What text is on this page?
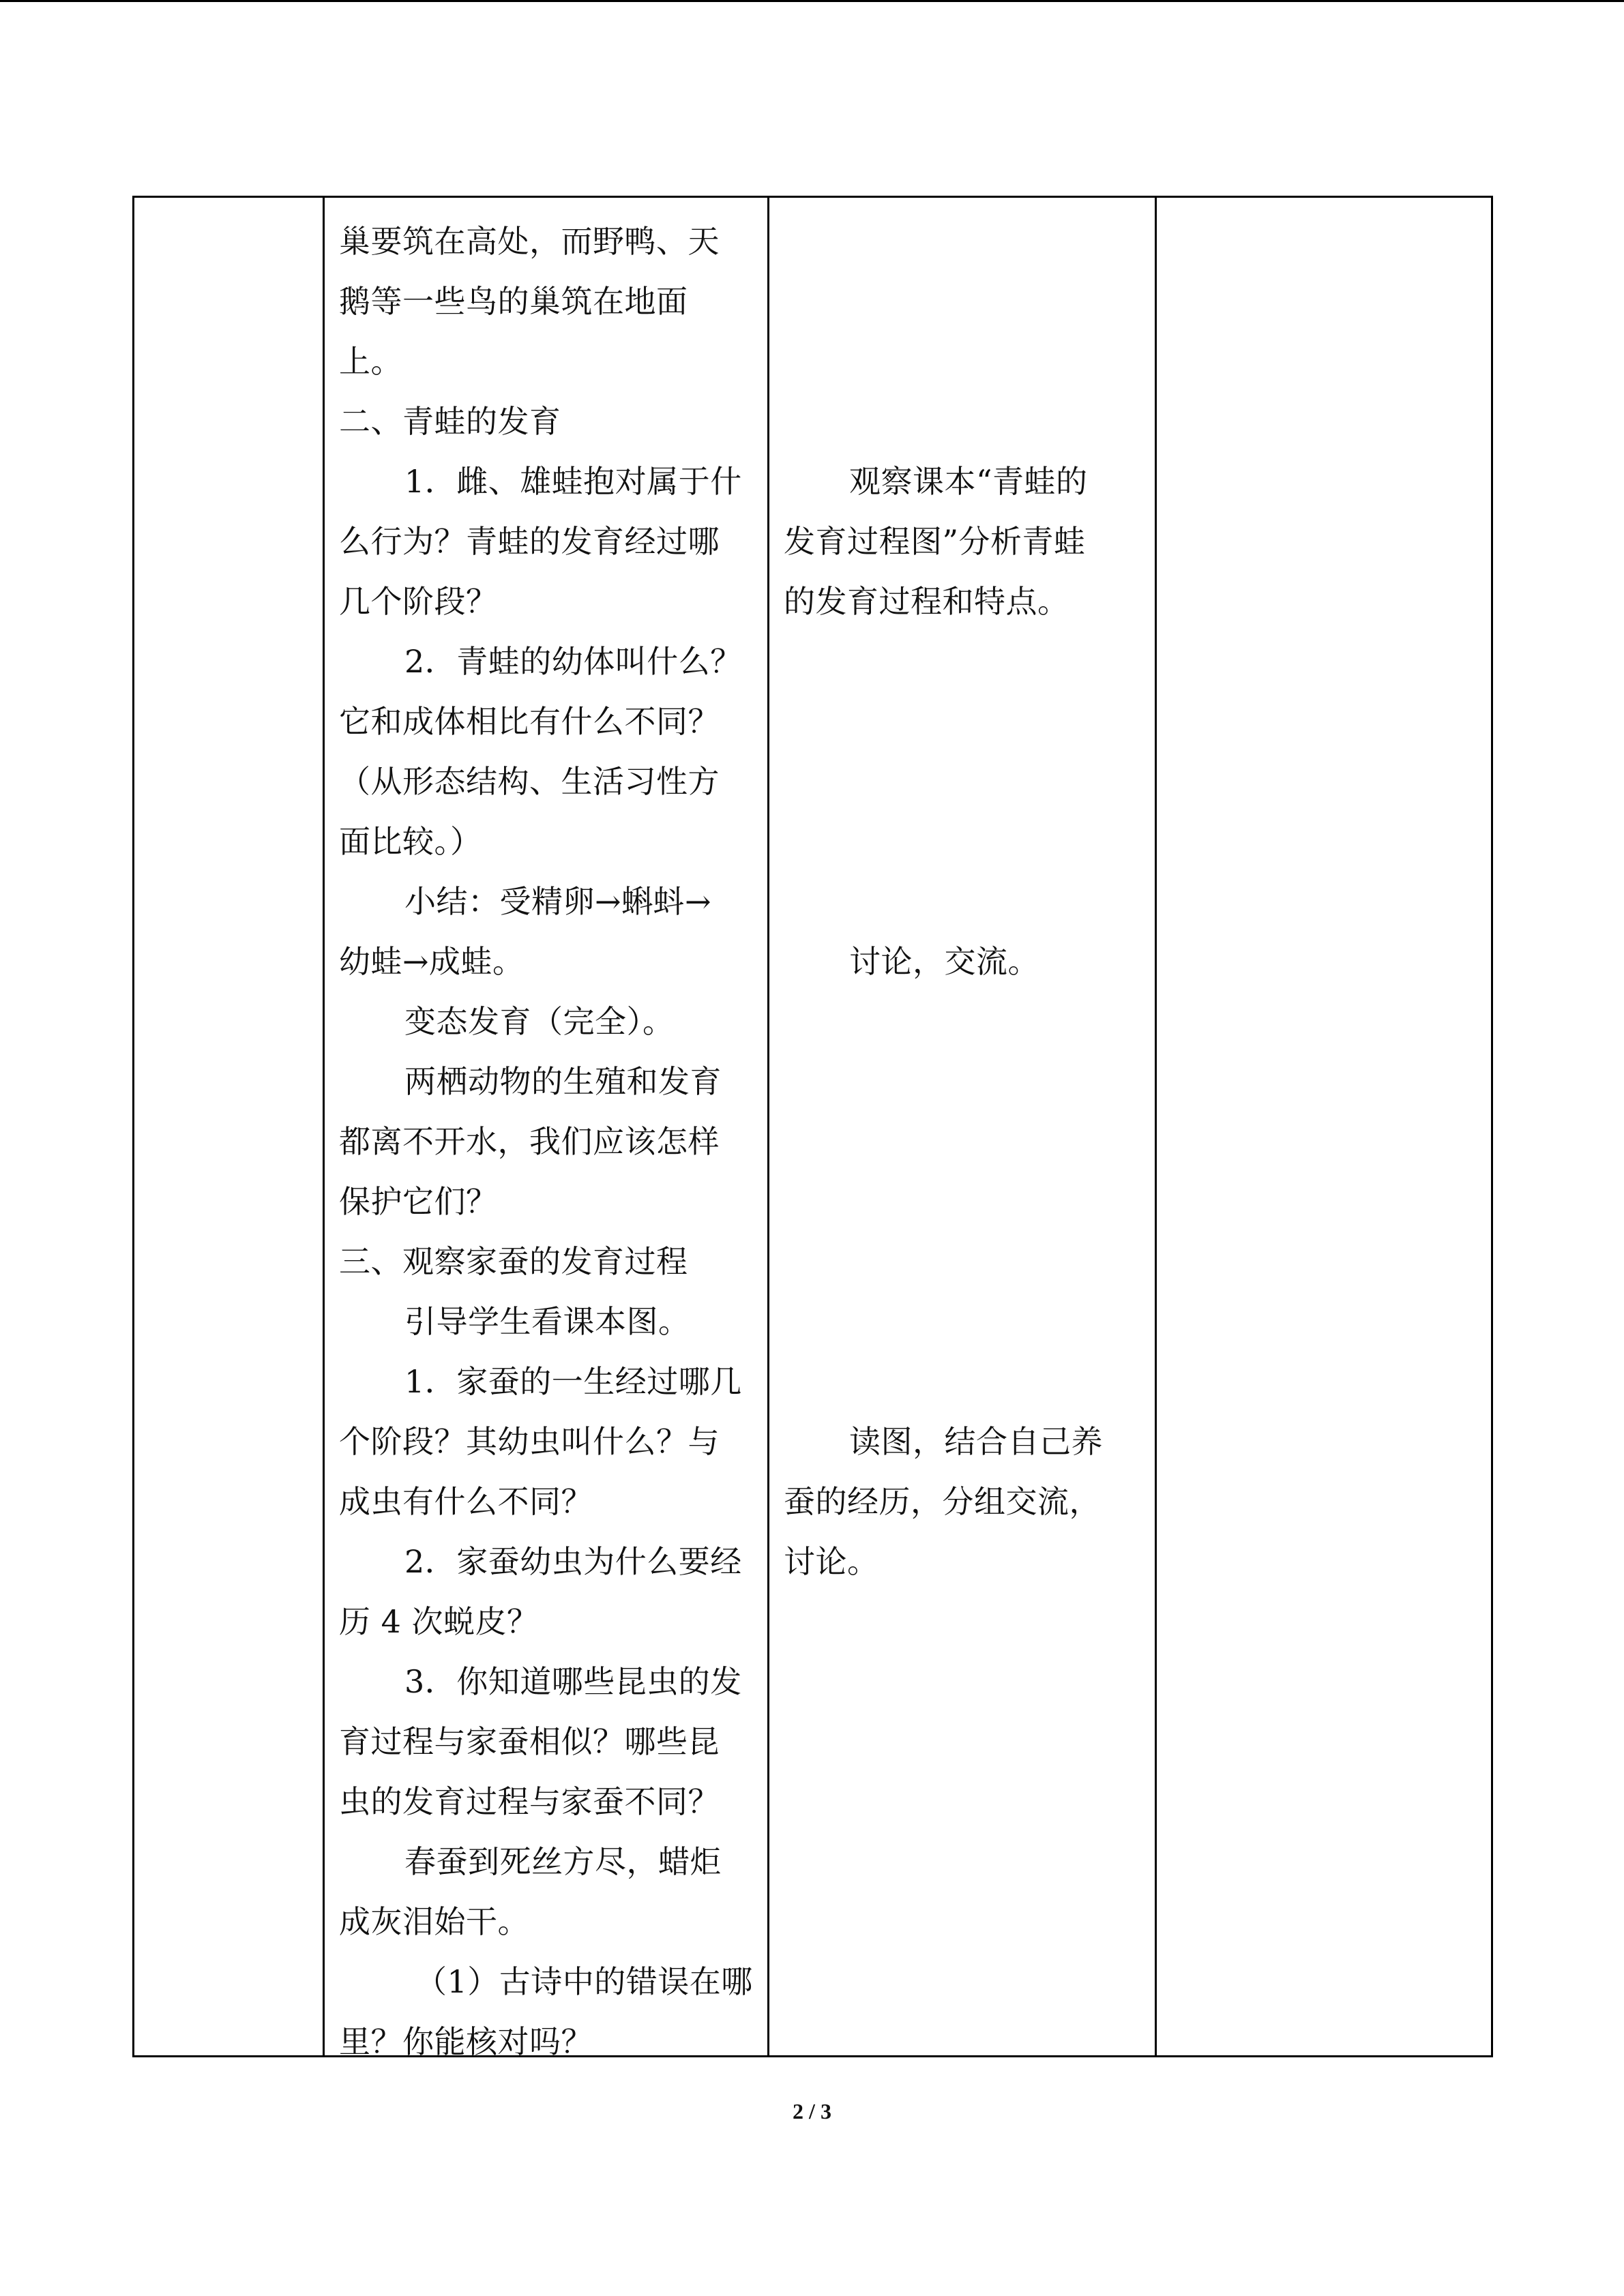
巢要筑在高处，而野鸭、天

鹅等一些鸟的巢筑在地面

上。

二、青蛙的发育

1．雌、雄蛙抱对属于什

么行为？青蛙的发育经过哪

几个阶段？

2．青蛙的幼体叫什么？

它和成体相比有什么不同？

（从形态结构、生活习性方

面比较。）

小结：受精卵→蝌蚪→

幼蛙→成蛙。

变态发育（完全）。

两栖动物的生殖和发育

都离不开水，我们应该怎样

保护它们？

三、观察家蚕的发育过程

引导学生看课本图。

1．家蚕的一生经过哪几

个阶段？其幼虫叫什么？与

成虫有什么不同？

2．家蚕幼虫为什么要经

历 4 次蜕皮？

3．你知道哪些昆虫的发

育过程与家蚕相似？哪些昆

虫的发育过程与家蚕不同？

春蚕到死丝方尽，蜡炬

成灰泪始干。

（1）古诗中的错误在哪

里？你能核对吗？

观察课本“青蛙的

发育过程图”分析青蛙

的发育过程和特点。

讨论，交流。

读图，结合自己养

蚕的经历，分组交流，

讨论。

2 / 3
